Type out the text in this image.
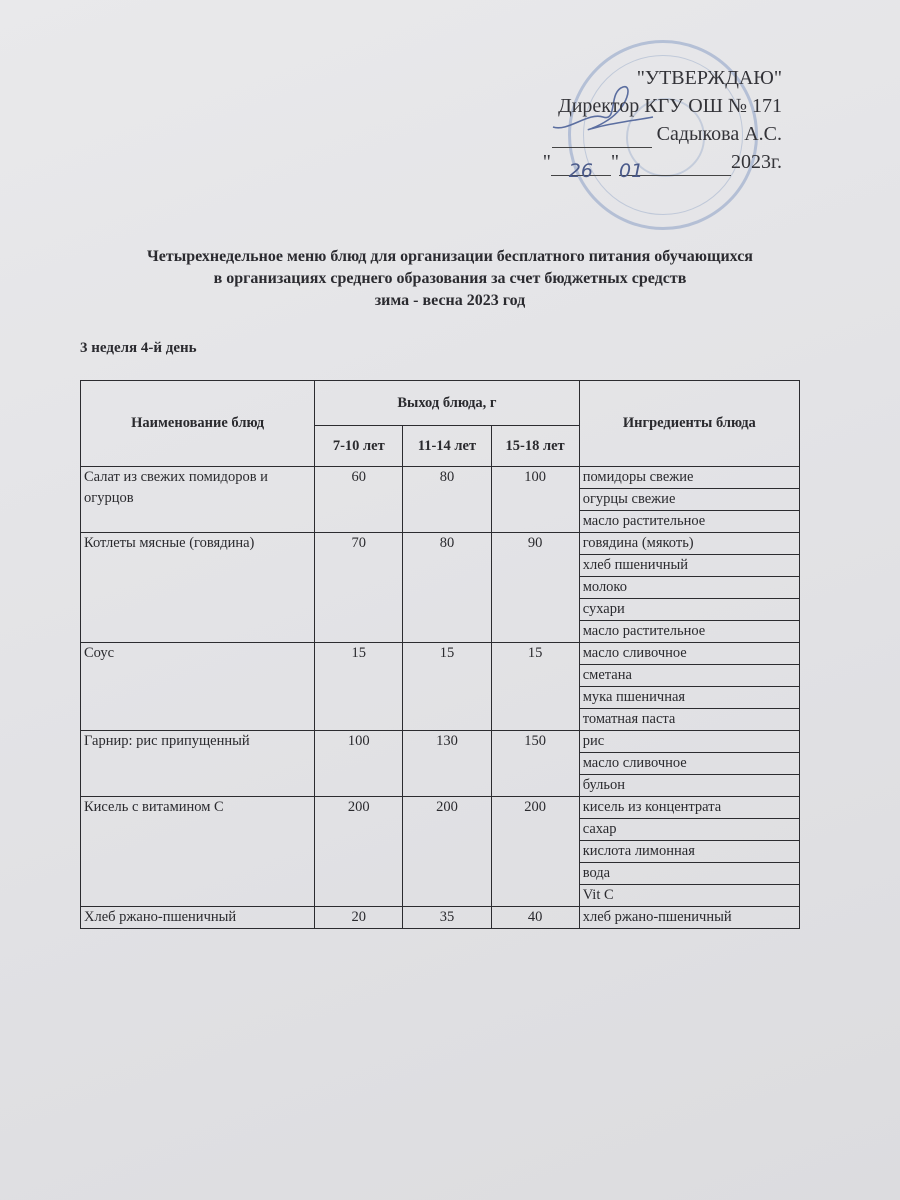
"УТВЕРЖДАЮ"
Директор КГУ ОШ № 171
Садыкова А.С.
" 26 "01	2023г.
Четырехнедельное меню блюд для организации бесплатного питания обучающихся
в организациях среднего образования за счет бюджетных средств
зима - весна 2023 год
3 неделя 4-й день
Наименование блюд	Выход блюда, г			Ингредиенты блюда
	7-10 лет	11-14 лет	15-18 лет	
Салат из свежих помидоров и огурцов	60	80	100	помидоры свежие
				огурцы свежие
				масло растительное
Котлеты мясные (говядина)	70	80	90	говядина (мякоть)
				хлеб пшеничный
				молоко
				сухари
				масло растительное
Соус	15	15	15	масло сливочное
				сметана
				мука пшеничная
				томатная паста
Гарнир: рис припущенный	100	130	150	рис
				масло сливочное
				бульон
Кисель с витамином С	200	200	200	кисель из концентрата
				сахар
				кислота лимонная
				вода
				Vit C
Хлеб ржано-пшеничный	20	35	40	хлеб ржано-пшеничный
